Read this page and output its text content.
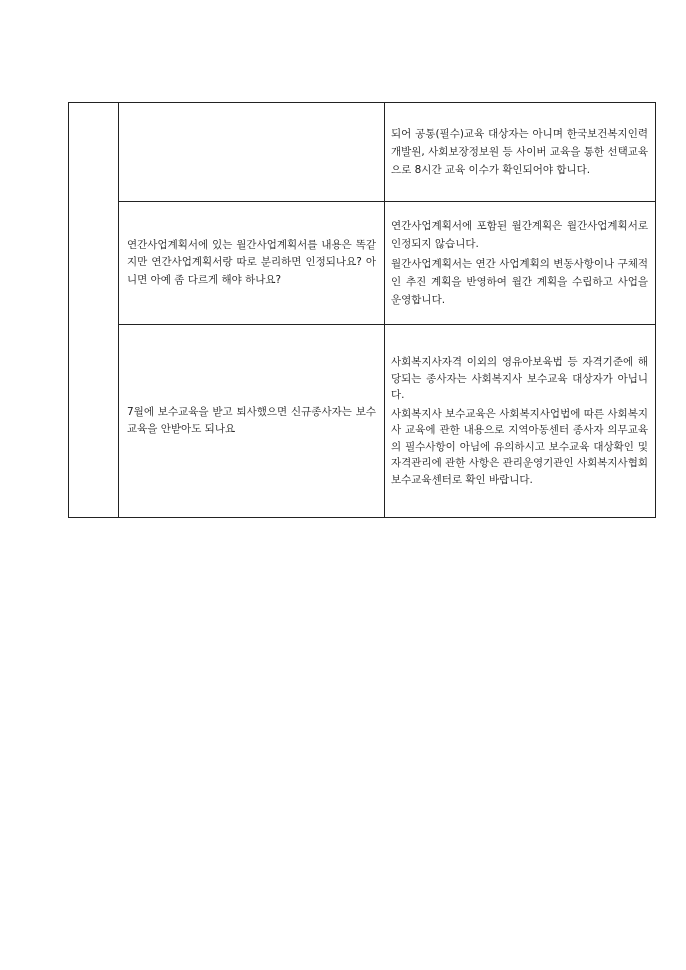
		되어 공통(필수)교육 대상자는 아니며 한국보건복지인력개발원, 사회보장정보원 등 사이버 교육을 통한 선택교육으로 8시간 교육 이수가 확인되어야 합니다.

	연간사업계획서에 있는 월간사업계획서를 내용은 똑같지만 연간사업계획서랑 따로 분리하면 인정되나요? 아니면 아예 좀 다르게 해야 하나요?	연간사업계획서에 포함된 월간계획은 월간사업계획서로 인정되지 않습니다.

월간사업계획서는 연간 사업계획의 변동사항이나 구체적인 추진 계획을 반영하여 월간 계획을 수립하고 사업을 운영합니다.

	7월에 보수교육을 받고 퇴사했으면 신규종사자는 보수교육을 안받아도 되나요	사회복지사자격 이외의 영유아보육법 등 자격기준에 해당되는 종사자는 사회복지사 보수교육 대상자가 아닙니다.

사회복지사 보수교육은 사회복지사업법에 따른 사회복지사 교육에 관한 내용으로 지역아동센터 종사자 의무교육의 필수사항이 아님에 유의하시고 보수교육 대상확인 및 자격관리에 관한 사항은 관리운영기관인 사회복지사협회 보수교육센터로 확인 바랍니다.
